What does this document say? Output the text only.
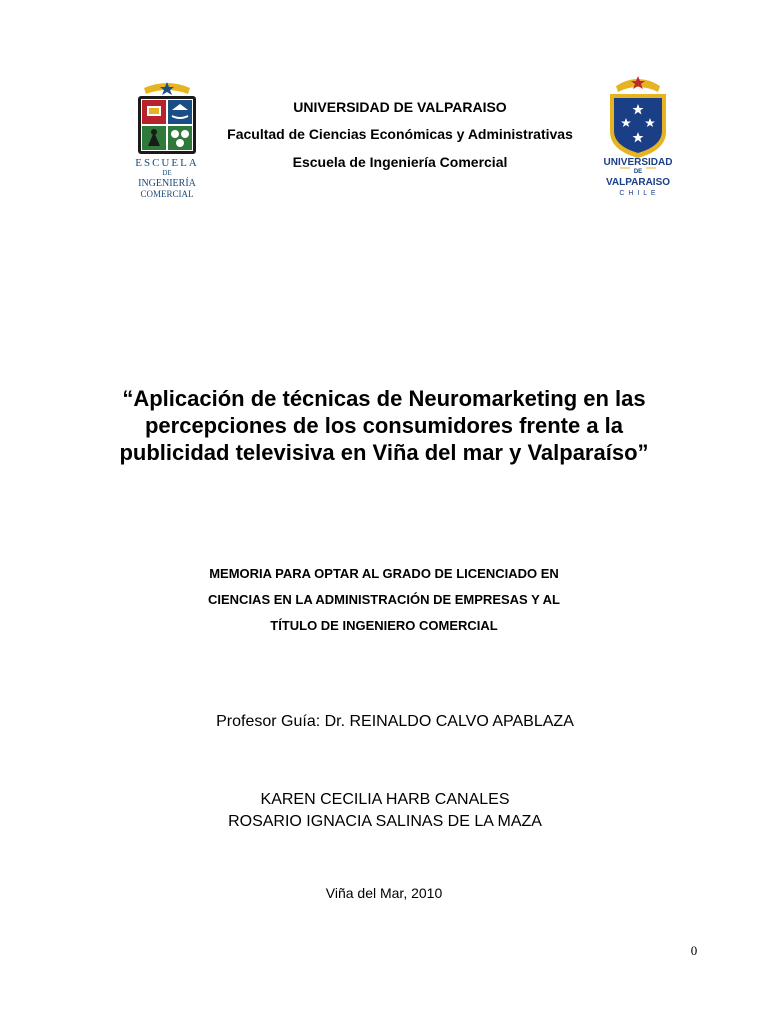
ESCUELA
DE
INGENIERÍA
COMERCIAL
UNIVERSIDAD DE VALPARAISO
Facultad de Ciencias Económicas y Administrativas
Escuela de Ingeniería Comercial	UNIVERSIDAD
DE
VALPARAISO
C H I L E
“Aplicación de técnicas de Neuromarketing en las
percepciones de los consumidores frente a la
publicidad televisiva en Viña del mar y Valparaíso”
MEMORIA PARA OPTAR AL GRADO DE LICENCIADO EN
CIENCIAS EN LA ADMINISTRACIÓN DE EMPRESAS Y AL
TÍTULO DE INGENIERO COMERCIAL
Profesor Guía: Dr. REINALDO CALVO APABLAZA
KAREN CECILIA HARB CANALES
ROSARIO IGNACIA SALINAS DE LA MAZA
Viña del Mar, 2010
0
